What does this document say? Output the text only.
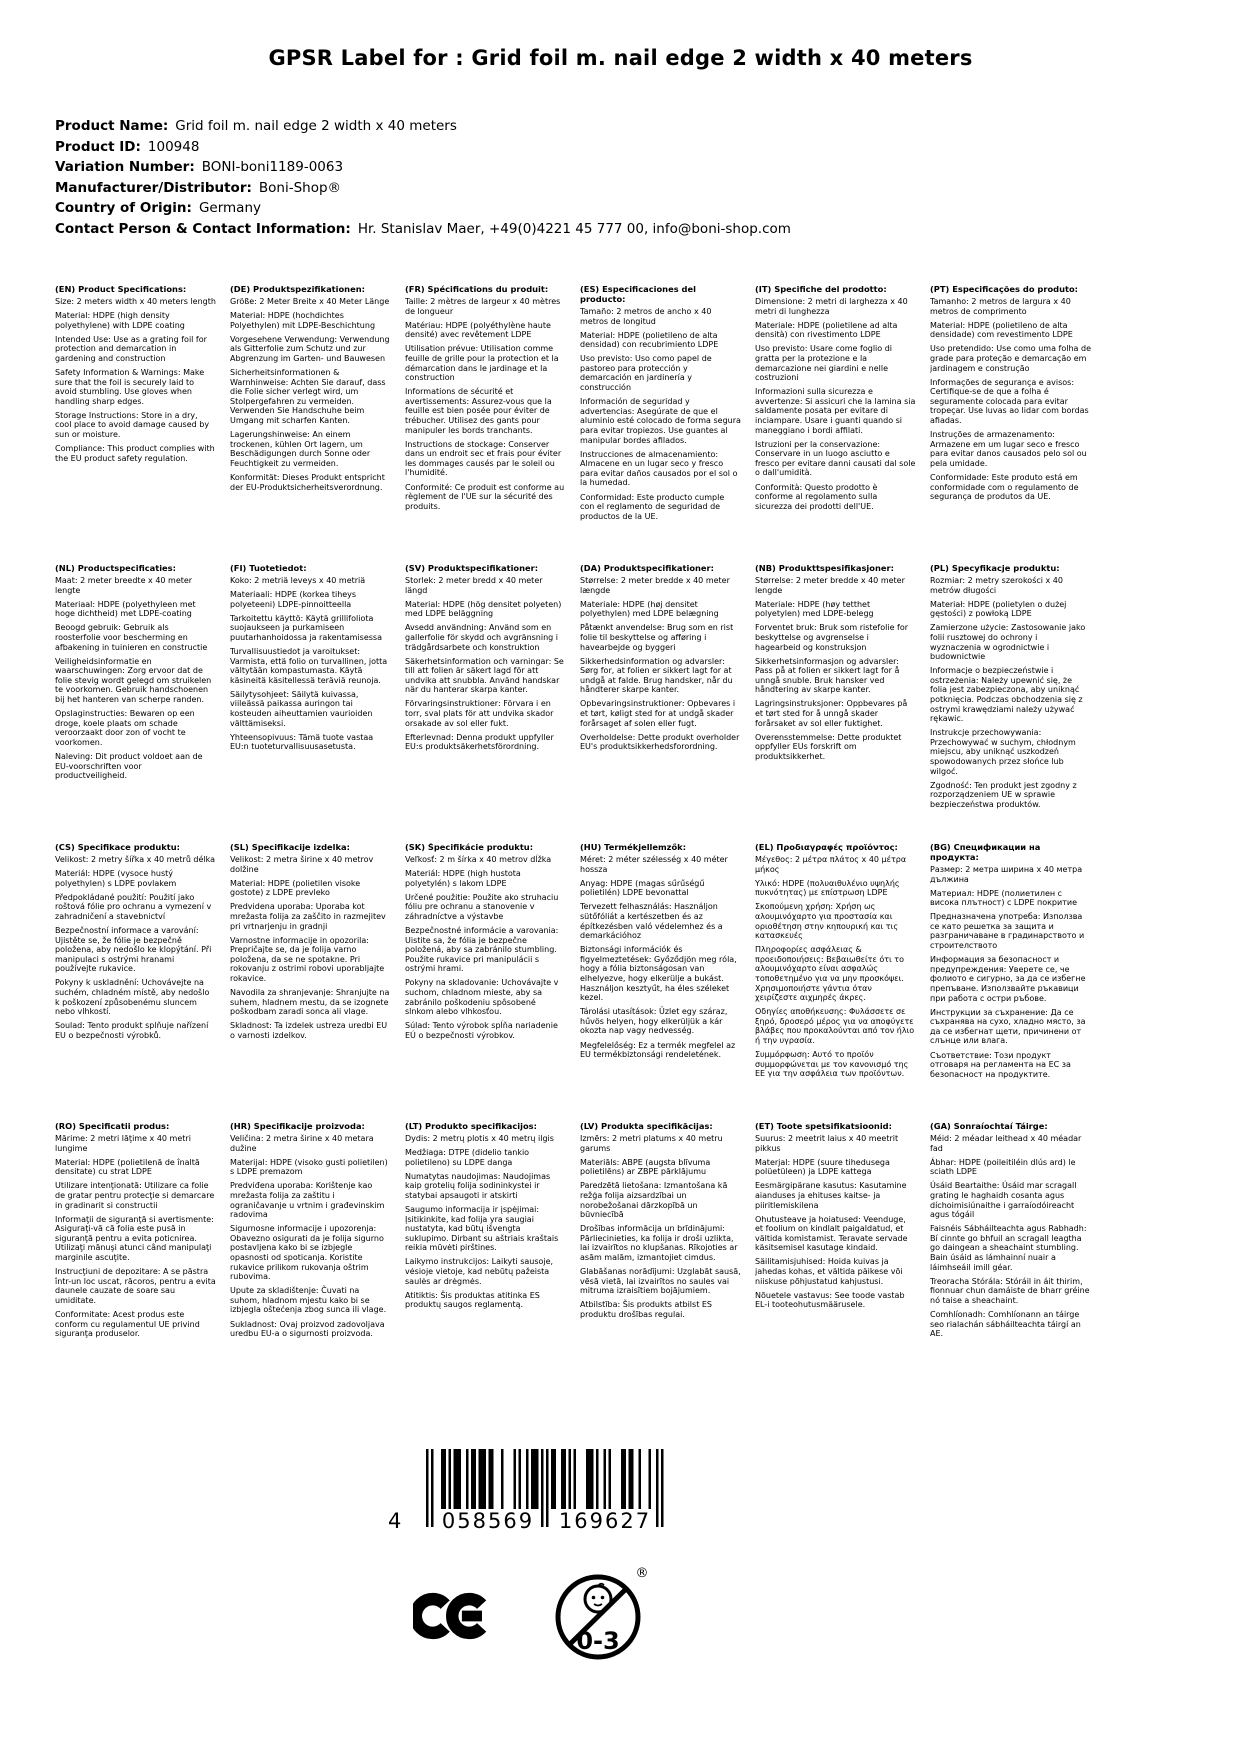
GPSR Label for : Grid foil m. nail edge 2 width x 40 meters
Product Name: Grid foil m. nail edge 2 width x 40 meters
Product ID: 100948
Variation Number: BONI-boni1189-0063
Manufacturer/Distributor: Boni-Shop®
Country of Origin: Germany
Contact Person & Contact Information: Hr. Stanislav Maer, +49(0)4221 45 777 00, info@boni-shop.com
(EN) Product Specifications:

Size: 2 meters width x 40 meters length

Material: HDPE (high density polyethylene) with LDPE coating

Intended Use: Use as a grating foil for protection and demarcation in gardening and construction

Safety Information & Warnings: Make sure that the foil is securely laid to avoid stumbling. Use gloves when handling sharp edges.

Storage Instructions: Store in a dry, cool place to avoid damage caused by sun or moisture.

Compliance: This product complies with the EU product safety regulation.

(DE) Produktspezifikationen:

Größe: 2 Meter Breite x 40 Meter Länge

Material: HDPE (hochdichtes Polyethylen) mit LDPE-Beschichtung

Vorgesehene Verwendung: Verwendung als Gitterfolie zum Schutz und zur Abgrenzung im Garten- und Bauwesen

Sicherheitsinformationen & Warnhinweise: Achten Sie darauf, dass die Folie sicher verlegt wird, um Stolpergefahren zu vermeiden. Verwenden Sie Handschuhe beim Umgang mit scharfen Kanten.

Lagerungshinweise: An einem trockenen, kühlen Ort lagern, um Beschädigungen durch Sonne oder Feuchtigkeit zu vermeiden.

Konformität: Dieses Produkt entspricht der EU-Produktsicherheitsverordnung.

(FR) Spécifications du produit:

Taille: 2 mètres de largeur x 40 mètres de longueur

Matériau: HDPE (polyéthylène haute densité) avec revêtement LDPE

Utilisation prévue: Utilisation comme feuille de grille pour la protection et la démarcation dans le jardinage et la construction

Informations de sécurité et avertissements: Assurez-vous que la feuille est bien posée pour éviter de trébucher. Utilisez des gants pour manipuler les bords tranchants.

Instructions de stockage: Conserver dans un endroit sec et frais pour éviter les dommages causés par le soleil ou l'humidité.

Conformité: Ce produit est conforme au règlement de l'UE sur la sécurité des produits.

(ES) Especificaciones del producto:

Tamaño: 2 metros de ancho x 40 metros de longitud

Material: HDPE (polietileno de alta densidad) con recubrimiento LDPE

Uso previsto: Uso como papel de pastoreo para protección y demarcación en jardinería y construcción

Información de seguridad y advertencias: Asegúrate de que el aluminio esté colocado de forma segura para evitar tropiezos. Use guantes al manipular bordes afilados.

Instrucciones de almacenamiento: Almacene en un lugar seco y fresco para evitar daños causados por el sol o la humedad.

Conformidad: Este producto cumple con el reglamento de seguridad de productos de la UE.

(IT) Specifiche del prodotto:

Dimensione: 2 metri di larghezza x 40 metri di lunghezza

Materiale: HDPE (polietilene ad alta densità) con rivestimento LDPE

Uso previsto: Usare come foglio di gratta per la protezione e la demarcazione nei giardini e nelle costruzioni

Informazioni sulla sicurezza e avvertenze: Si assicuri che la lamina sia saldamente posata per evitare di inciampare. Usare i guanti quando si maneggiano i bordi affilati.

Istruzioni per la conservazione: Conservare in un luogo asciutto e fresco per evitare danni causati dal sole o dall'umidità.

Conformità: Questo prodotto è conforme al regolamento sulla sicurezza dei prodotti dell'UE.

(PT) Especificações do produto:

Tamanho: 2 metros de largura x 40 metros de comprimento

Material: HDPE (polietileno de alta densidade) com revestimento LDPE

Uso pretendido: Use como uma folha de grade para proteção e demarcação em jardinagem e construção

Informações de segurança e avisos: Certifique-se de que a folha é seguramente colocada para evitar tropeçar. Use luvas ao lidar com bordas afiadas.

Instruções de armazenamento: Armazene em um lugar seco e fresco para evitar danos causados pelo sol ou pela umidade.

Conformidade: Este produto está em conformidade com o regulamento de segurança de produtos da UE.

(NL) Productspecificaties:

Maat: 2 meter breedte x 40 meter lengte

Materiaal: HDPE (polyethyleen met hoge dichtheid) met LDPE-coating

Beoogd gebruik: Gebruik als roosterfolie voor bescherming en afbakening in tuinieren en constructie

Veiligheidsinformatie en waarschuwingen: Zorg ervoor dat de folie stevig wordt gelegd om struikelen te voorkomen. Gebruik handschoenen bij het hanteren van scherpe randen.

Opslaginstructies: Bewaren op een droge, koele plaats om schade veroorzaakt door zon of vocht te voorkomen.

Naleving: Dit product voldoet aan de EU-voorschriften voor productveiligheid.

(FI) Tuotetiedot:

Koko: 2 metriä leveys x 40 metriä

Materiaali: HDPE (korkea tiheys polyeteeni) LDPE-pinnoitteella

Tarkoitettu käyttö: Käytä grillifoliota suojaukseen ja purkamiseen puutarhanhoidossa ja rakentamisessa

Turvallisuustiedot ja varoitukset: Varmista, että folio on turvallinen, jotta vältytään kompastumasta. Käytä käsineitä käsitellessä teräviä reunoja.

Säilytysohjeet: Säilytä kuivassa, viileässä paikassa auringon tai kosteuden aiheuttamien vaurioiden välttämiseksi.

Yhteensopivuus: Tämä tuote vastaa EU:n tuoteturvallisuusasetusta.

(SV) Produktspecifikationer:

Storlek: 2 meter bredd x 40 meter längd

Material: HDPE (hög densitet polyeten) med LDPE beläggning

Avsedd användning: Använd som en gallerfolie för skydd och avgränsning i trädgårdsarbete och konstruktion

Säkerhetsinformation och varningar: Se till att folien är säkert lagd för att undvika att snubbla. Använd handskar när du hanterar skarpa kanter.

Förvaringsinstruktioner: Förvara i en torr, sval plats för att undvika skador orsakade av sol eller fukt.

Efterlevnad: Denna produkt uppfyller EU:s produktsäkerhetsförordning.

(DA) Produktspecifikationer:

Størrelse: 2 meter bredde x 40 meter længde

Materiale: HDPE (høj densitet polyethylen) med LDPE belægning

Påtænkt anvendelse: Brug som en rist folie til beskyttelse og afføring i havearbejde og byggeri

Sikkerhedsinformation og advarsler: Sørg for, at folien er sikkert lagt for at undgå at falde. Brug handsker, når du håndterer skarpe kanter.

Opbevaringsinstruktioner: Opbevares i et tørt, køligt sted for at undgå skader forårsaget af solen eller fugt.

Overholdelse: Dette produkt overholder EU's produktsikkerhedsforordning.

(NB) Produkttspesifikasjoner:

Størrelse: 2 meter bredde x 40 meter lengde

Materiale: HDPE (høy tetthet polyetylen) med LDPE-belegg

Forventet bruk: Bruk som ristefolie for beskyttelse og avgrenselse i hagearbeid og konstruksjon

Sikkerhetsinformasjon og advarsler: Pass på at folien er sikkert lagt for å unngå snuble. Bruk hansker ved håndtering av skarpe kanter.

Lagringsinstruksjoner: Oppbevares på et tørt sted for å unngå skader forårsaket av sol eller fuktighet.

Overensstemmelse: Dette produktet oppfyller EUs forskrift om produktsikkerhet.

(PL) Specyfikacje produktu:

Rozmiar: 2 metry szerokości x 40 metrów długości

Materiał: HDPE (polietylen o dużej gęstości) z powłoką LDPE

Zamierzone użycie: Zastosowanie jako folii rusztowej do ochrony i wyznaczenia w ogrodnictwie i budownictwie

Informacje o bezpieczeństwie i ostrzeżenia: Należy upewnić się, że folia jest zabezpieczona, aby uniknąć potknięcia. Podczas obchodzenia się z ostrymi krawędziami należy używać rękawic.

Instrukcje przechowywania: Przechowywać w suchym, chłodnym miejscu, aby uniknąć uszkodzeń spowodowanych przez słońce lub wilgoć.

Zgodność: Ten produkt jest zgodny z rozporządzeniem UE w sprawie bezpieczeństwa produktów.

(CS) Specifikace produktu:

Velikost: 2 metry šířka x 40 metrů délka

Materiál: HDPE (vysoce hustý polyethylen) s LDPE povlakem

Předpokládané použití: Použití jako roštová fólie pro ochranu a vymezení v zahradničení a stavebnictví

Bezpečnostní informace a varování: Ujistěte se, že fólie je bezpečně položena, aby nedošlo ke klopýtání. Při manipulaci s ostrými hranami používejte rukavice.

Pokyny k uskladnění: Uchovávejte na suchém, chladném místě, aby nedošlo k poškození způsobenému sluncem nebo vlhkostí.

Soulad: Tento produkt splňuje nařízení EU o bezpečnosti výrobků.

(SL) Specifikacije izdelka:

Velikost: 2 metra širine x 40 metrov dolžine

Material: HDPE (polietilen visoke gostote) z LDPE prevleko

Predvidena uporaba: Uporaba kot mrežasta folija za zaščito in razmejitev pri vrtnarjenju in gradnji

Varnostne informacije in opozorila: Prepričajte se, da je folija varno položena, da se ne spotakne. Pri rokovanju z ostrimi robovi uporabljajte rokavice.

Navodila za shranjevanje: Shranjujte na suhem, hladnem mestu, da se izognete poškodbam zaradi sonca ali vlage.

Skladnost: Ta izdelek ustreza uredbi EU o varnosti izdelkov.

(SK) Špecifikácie produktu:

Veľkosť: 2 m šírka x 40 metrov dĺžka

Materiál: HDPE (high hustota polyetylén) s lakom LDPE

Určené použitie: Použite ako struhaciu fóliu pre ochranu a stanovenie v záhradníctve a výstavbe

Bezpečnostné informácie a varovania: Uistite sa, že fólia je bezpečne položená, aby sa zabránilo stumbling. Použite rukavice pri manipulácii s ostrými hrami.

Pokyny na skladovanie: Uchovávajte v suchom, chladnom mieste, aby sa zabránilo poškodeniu spôsobené slnkom alebo vlhkosťou.

Súlad: Tento výrobok spĺňa nariadenie EÚ o bezpečnosti výrobkov.

(HU) Termékjellemzők:

Méret: 2 méter szélesség x 40 méter hossza

Anyag: HDPE (magas sűrűségű polietilén) LDPE bevonattal

Tervezett felhasználás: Használjon sütőfóliát a kertészetben és az építkezésben való védelemhez és a demarkációhoz

Biztonsági információk és figyelmeztetések: Győződjön meg róla, hogy a fólia biztonságosan van elhelyezve, hogy elkerülje a bukást. Használjon kesztyűt, ha éles széleket kezel.

Tárolási utasítások: Üzlet egy száraz, hűvös helyen, hogy elkerüljük a kár okozta nap vagy nedvesség.

Megfelelőség: Ez a termék megfelel az EU termékbiztonsági rendeletének.

(EL) Προδιαγραφές προϊόντος:

Μέγεθος: 2 μέτρα πλάτος x 40 μέτρα μήκος

Υλικό: HDPE (πολυαιθυλένιο υψηλής πυκνότητας) με επίστρωση LDPE

Σκοπούμενη χρήση: Χρήση ως αλουμινόχαρτο για προστασία και οριοθέτηση στην κηπουρική και τις κατασκευές

Πληροφορίες ασφάλειας & προειδοποιήσεις: Βεβαιωθείτε ότι το αλουμινόχαρτο είναι ασφαλώς τοποθετημένο για να μην προσκόψει. Χρησιμοποιήστε γάντια όταν χειρίζεστε αιχμηρές άκρες.

Οδηγίες αποθήκευσης: Φυλάσσετε σε ξηρό, δροσερό μέρος για να αποφύγετε βλάβες που προκαλούνται από τον ήλιο ή την υγρασία.

Συμμόρφωση: Αυτό το προϊόν συμμορφώνεται με τον κανονισμό της ΕΕ για την ασφάλεια των προϊόντων.

(BG) Спецификации на продукта:

Размер: 2 метра ширина x 40 метра дължина

Материал: HDPE (полиетилен с висока плътност) с LDPE покритие

Предназначена употреба: Използва се като решетка за защита и разграничаване в градинарството и строителството

Информация за безопасност и предупреждения: Уверете се, че фолиото е сигурно, за да се избегне препъване. Използвайте ръкавици при работа с остри ръбове.

Инструкции за съхранение: Да се съхранява на сухо, хладно място, за да се избегнат щети, причинени от слънце или влага.

Съответствие: Този продукт отговаря на регламента на ЕС за безопасност на продуктите.

(RO) Specificatii produs:

Mărime: 2 metri lăţime x 40 metri lungime

Material: HDPE (polietilenă de înaltă densitate) cu strat LDPE

Utilizare intenţionată: Utilizare ca folie de gratar pentru protecţie si demarcare in gradinarit si constructii

Informaţii de siguranţă si avertismente: Asiguraţi-vă că folia este pusă in siguranţă pentru a evita poticnirea. Utilizaţi mănuşi atunci când manipulaţi marginile ascuţite.

Instrucţiuni de depozitare: A se păstra într-un loc uscat, răcoros, pentru a evita daunele cauzate de soare sau umiditate.

Conformitate: Acest produs este conform cu regulamentul UE privind siguranţa produselor.

(HR) Specifikacije proizvoda:

Veličina: 2 metra širine x 40 metara dužine

Materijal: HDPE (visoko gusti polietilen) s LDPE premazom

Predviđena uporaba: Korištenje kao mrežasta folija za zaštitu i ograničavanje u vrtnim i građevinskim radovima

Sigurnosne informacije i upozorenja: Obavezno osigurati da je folija sigurno postavljena kako bi se izbjegle opasnosti od spoticanja. Koristite rukavice prilikom rukovanja oštrim rubovima.

Upute za skladištenje: Čuvati na suhom, hladnom mjestu kako bi se izbjegla oštećenja zbog sunca ili vlage.

Sukladnost: Ovaj proizvod zadovoljava uredbu EU-a o sigurnosti proizvoda.

(LT) Produkto specifikacijos:

Dydis: 2 metrų plotis x 40 metrų ilgis

Medžiaga: DTPE (didelio tankio polietileno) su LDPE danga

Numatytas naudojimas: Naudojimas kaip grotelių folija sodininkystei ir statybai apsaugoti ir atskirti

Saugumo informacija ir įspėjimai: Įsitikinkite, kad folija yra saugiai nustatyta, kad būtų išvengta suklupimo. Dirbant su aštriais kraštais reikia mūvėti pirštines.

Laikymo instrukcijos: Laikyti sausoje, vėsioje vietoje, kad nebūtų pažeista saulės ar drėgmės.

Atitiktis: Šis produktas atitinka ES produktų saugos reglamentą.

(LV) Produkta specifikācijas:

Izmērs: 2 metri platums x 40 metru garums

Materiāls: ABPE (augsta blīvuma polietilēns) ar ZBPE pārklājumu

Paredzētā lietošana: Izmantošana kā režģa folija aizsardzībai un norobežošanai dārzkopībā un būvniecībā

Drošības informācija un brīdinājumi: Pārliecinieties, ka folija ir droši uzlikta, lai izvairītos no klupšanas. Rīkojoties ar asām malām, izmantojiet cimdus.

Glabāšanas norādījumi: Uzglabāt sausā, vēsā vietā, lai izvairītos no saules vai mitruma izraisītiem bojājumiem.

Atbilstība: Šis produkts atbilst ES produktu drošības regulai.

(ET) Toote spetsifikatsioonid:

Suurus: 2 meetrit laius x 40 meetrit pikkus

Materjal: HDPE (suure tihedusega polüetüleen) ja LDPE kattega

Eesmärgipärane kasutus: Kasutamine aianduses ja ehituses kaitse- ja piiritlemiskilena

Ohutusteave ja hoiatused: Veenduge, et foolium on kindlalt paigaldatud, et vältida komistamist. Teravate servade käsitsemisel kasutage kindaid.

Säilitamisjuhised: Hoida kuivas ja jahedas kohas, et vältida päikese või niiskuse põhjustatud kahjustusi.

Nõuetele vastavus: See toode vastab EL-i tooteohutusmäärusele.

(GA) Sonraíochtaí Táirge:

Méid: 2 méadar leithead x 40 méadar fad

Ábhar: HDPE (poileitiléin dlús ard) le sciath LDPE

Úsáid Beartaithe: Úsáid mar scragall grating le haghaidh cosanta agus díchoimisiúnaithe i garraíodóireacht agus tógáil

Faisnéis Sábháilteachta agus Rabhadh: Bí cinnte go bhfuil an scragall leagtha go daingean a sheachaint stumbling. Bain úsáid as lámhainní nuair a láimhseáil imill géar.

Treoracha Stórála: Stóráil in áit thirim, fionnuar chun damáiste de bharr gréine nó taise a sheachaint.

Comhlíonadh: Comhlíonann an táirge seo rialachán sábháilteachta táirgí an AE.

4 058569 169627
0-3
®
